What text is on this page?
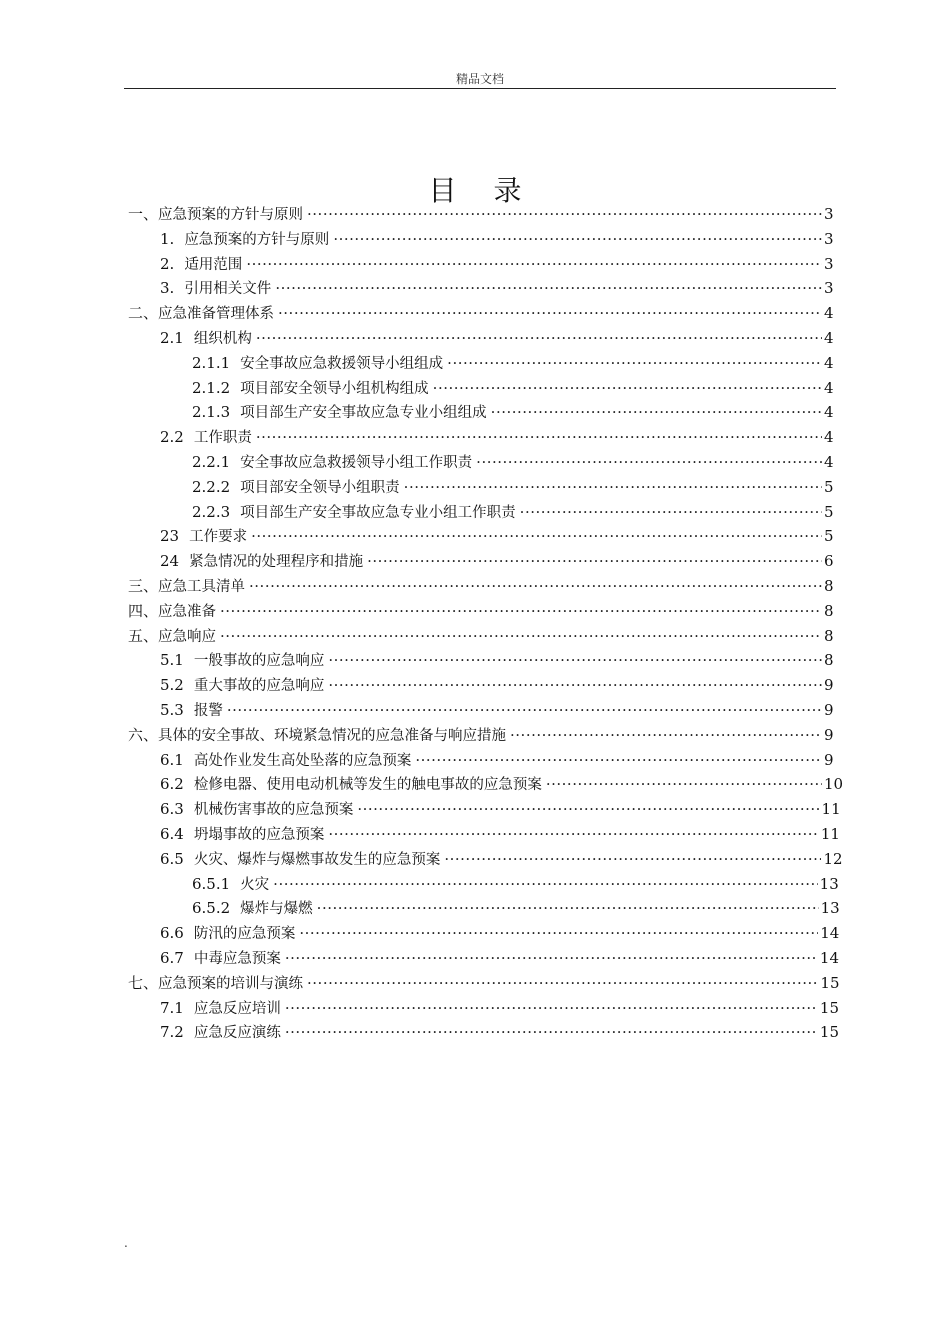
精品文档
目 录
一、 应急预案的方针与原则 ·····	3
1. 应急预案的方针与原则 ·····	3
2. 适用范围 ·····	3
3. 引用相关文件 ·····	3
二、 应急准备管理体系 ·····	4
2.1 组织机构 ·····	4
2.1.1 安全事故应急救援领导小组组成 ·····	4
2.1.2 项目部安全领导小组机构组成 ·····	4
2.1.3 项目部生产安全事故应急专业小组组成 ·····	4
2.2 工作职责 ·····	4
2.2.1 安全事故应急救援领导小组工作职责 ·····	4
2.2.2 项目部安全领导小组职责 ·····	5
2.2.3 项目部生产安全事故应急专业小组工作职责 ·····	5
23 工作要求 ·····	5
24 紧急情况的处理程序和措施 ·····	6
三、 应急工具清单 ·····	8
四、 应急准备 ·····	8
五、 应急响应 ·····	8
5.1 一般事故的应急响应 ·····	8
5.2 重大事故的应急响应 ·····	9
5.3 报警 ·····	9
六、 具体的安全事故、环境紧急情况的应急准备与响应措施 ·····	9
6.1 高处作业发生高处坠落的应急预案 ·····	9
6.2 检修电器、使用电动机械等发生的触电事故的应急预案 ·····	10
6.3 机械伤害事故的应急预案 ·····	11
6.4 坍塌事故的应急预案 ·····	11
6.5 火灾、爆炸与爆燃事故发生的应急预案 ·····	12
6.5.1 火灾 ·····	13
6.5.2 爆炸与爆燃 ·····	13
6.6 防汛的应急预案 ·····	14
6.7 中毒应急预案 ·····	14
七、 应急预案的培训与演练 ·····	15
7.1 应急反应培训 ·····	15
7.2 应急反应演练 ·····	15
.
